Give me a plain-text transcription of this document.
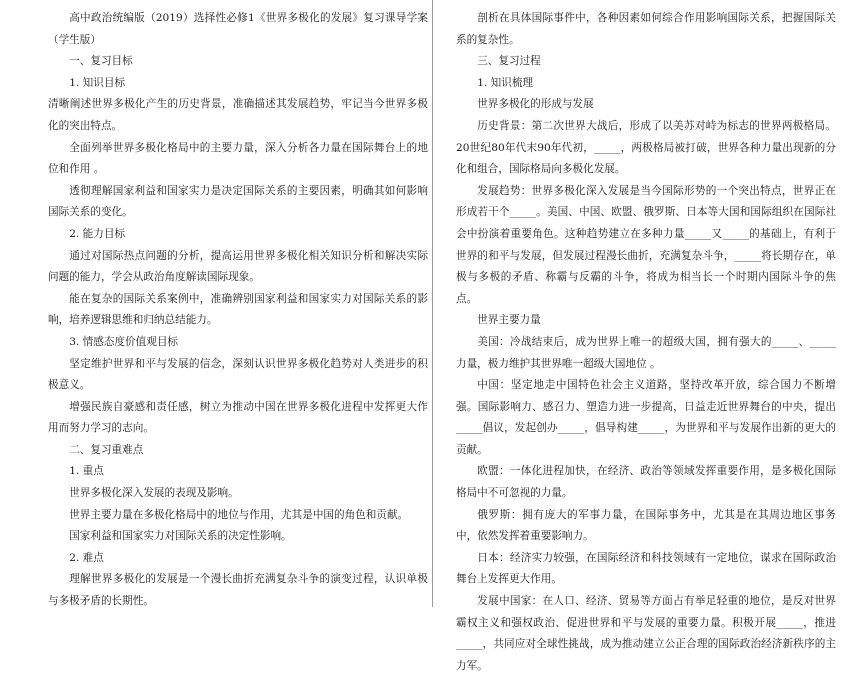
高中政治统编版（2019）选择性必修1《世界多极化的发展》复习课导学案（学生版）

一、复习目标

1. 知识目标

清晰阐述世界多极化产生的历史背景，准确描述其发展趋势，牢记当今世界多极化的突出特点。

全面列举世界多极化格局中的主要力量，深入分析各力量在国际舞台上的地位和作用 。

透彻理解国家利益和国家实力是决定国际关系的主要因素，明确其如何影响国际关系的变化。

2. 能力目标

通过对国际热点问题的分析，提高运用世界多极化相关知识分析和解决实际问题的能力，学会从政治角度解读国际现象。

能在复杂的国际关系案例中，准确辨别国家利益和国家实力对国际关系的影响，培养逻辑思维和归纳总结能力。

3. 情感态度价值观目标

坚定维护世界和平与发展的信念，深刻认识世界多极化趋势对人类进步的积极意义。

增强民族自豪感和责任感，树立为推动中国在世界多极化进程中发挥更大作用而努力学习的志向。

二、复习重难点

1. 重点

世界多极化深入发展的表现及影响。

世界主要力量在多极化格局中的地位与作用，尤其是中国的角色和贡献。

国家利益和国家实力对国际关系的决定性影响。

2. 难点

理解世界多极化的发展是一个漫长曲折充满复杂斗争的演变过程，认识单极与多极矛盾的长期性。

剖析在具体国际事件中，各种因素如何综合作用影响国际关系，把握国际关系的复杂性。

三、复习过程

1. 知识梳理

世界多极化的形成与发展

历史背景：第二次世界大战后，形成了以美苏对峙为标志的世界两极格局。20世纪80年代末90年代初，_____，两极格局被打破，世界各种力量出现新的分化和组合，国际格局向多极化发展。

发展趋势：世界多极化深入发展是当今国际形势的一个突出特点，世界正在形成若干个_____。美国、中国、欧盟、俄罗斯、日本等大国和国际组织在国际社会中扮演着重要角色。这种趋势建立在多种力量_____又_____的基础上，有利于世界的和平与发展，但发展过程漫长曲折，充满复杂斗争，_____将长期存在，单极与多极的矛盾、称霸与反霸的斗争，将成为相当长一个时期内国际斗争的焦点。

世界主要力量

美国：冷战结束后，成为世界上唯一的超级大国，拥有强大的_____、_____力量，极力维护其世界唯一超级大国地位 。

中国：坚定地走中国特色社会主义道路，坚持改革开放，综合国力不断增强。国际影响力、感召力、塑造力进一步提高，日益走近世界舞台的中央，提出_____倡议，发起创办_____，倡导构建_____，为世界和平与发展作出新的更大的贡献。

欧盟：一体化进程加快，在经济、政治等领域发挥重要作用，是多极化国际格局中不可忽视的力量。

俄罗斯：拥有庞大的军事力量，在国际事务中，尤其是在其周边地区事务中，依然发挥着重要影响力。

日本：经济实力较强，在国际经济和科技领域有一定地位，谋求在国际政治舞台上发挥更大作用。

发展中国家：在人口、经济、贸易等方面占有举足轻重的地位，是反对世界霸权主义和强权政治、促进世界和平与发展的重要力量。积极开展_____，推进_____，共同应对全球性挑战，成为推动建立公正合理的国际政治经济新秩序的主力军。
